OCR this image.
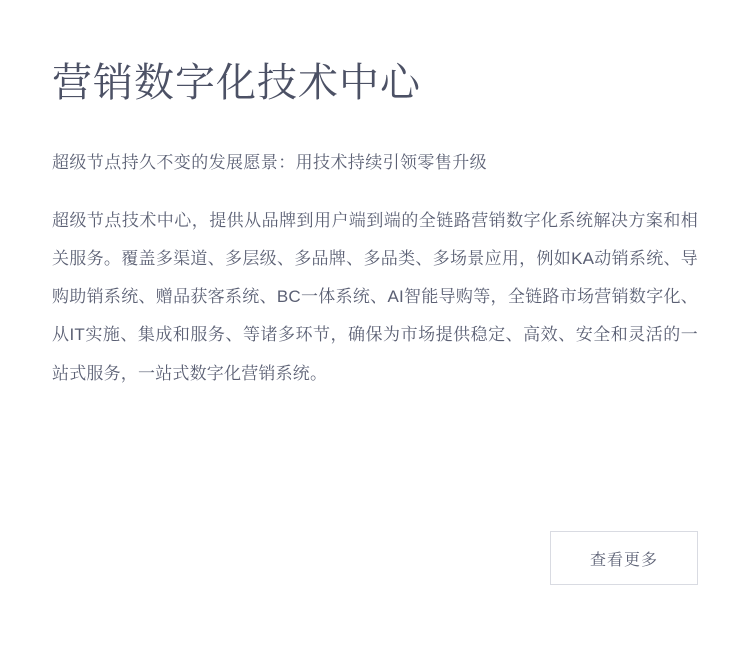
营销数字化技术中心

超级节点持久不变的发展愿景：用技术持续引领零售升级

超级节点技术中心，提供从品牌到用户端到端的全链路营销数字化系统解决方案和相关服务。覆盖多渠道、多层级、多品牌、多品类、多场景应用，例如KA动销系统、导购助销系统、赠品获客系统、BC一体系统、AI智能导购等，全链路市场营销数字化、从IT实施、集成和服务、等诸多环节，确保为市场提供稳定、高效、安全和灵活的一站式服务，一站式数字化营销系统。

查看更多
